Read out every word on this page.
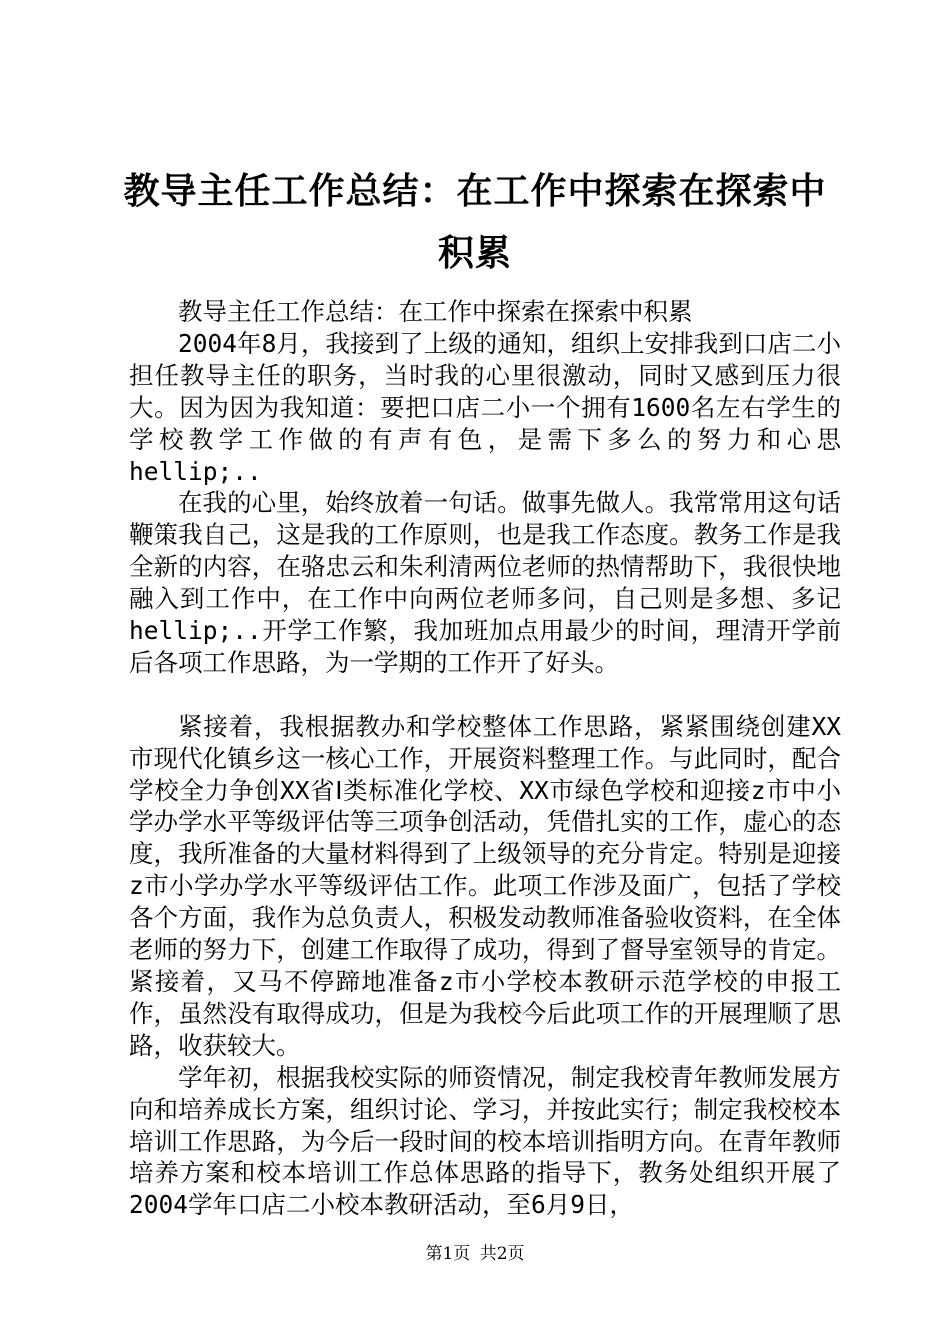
教导主任工作总结：在工作中探索在探索中积累

教导主任工作总结：在工作中探索在探索中积累

2004年8月，我接到了上级的通知，组织上安排我到口店二小担任教导主任的职务，当时我的心里很激动，同时又感到压力很大。因为因为我知道：要把口店二小一个拥有1600名左右学生的学校教学工作做的有声有色，是需下多么的努力和心思hellip;..

在我的心里，始终放着一句话。做事先做人。我常常用这句话鞭策我自己，这是我的工作原则，也是我工作态度。教务工作是我全新的内容，在骆忠云和朱利清两位老师的热情帮助下，我很快地融入到工作中，在工作中向两位老师多问，自己则是多想、多记hellip;..开学工作繁，我加班加点用最少的时间，理清开学前后各项工作思路，为一学期的工作开了好头。

紧接着，我根据教办和学校整体工作思路，紧紧围绕创建XX市现代化镇乡这一核心工作，开展资料整理工作。与此同时，配合学校全力争创XX省Ⅰ类标准化学校、XX市绿色学校和迎接z市中小学办学水平等级评估等三项争创活动，凭借扎实的工作，虚心的态度，我所准备的大量材料得到了上级领导的充分肯定。特别是迎接z市小学办学水平等级评估工作。此项工作涉及面广，包括了学校各个方面，我作为总负责人，积极发动教师准备验收资料，在全体老师的努力下，创建工作取得了成功，得到了督导室领导的肯定。紧接着，又马不停蹄地准备z市小学校本教研示范学校的申报工作，虽然没有取得成功，但是为我校今后此项工作的开展理顺了思路，收获较大。

学年初，根据我校实际的师资情况，制定我校青年教师发展方向和培养成长方案，组织讨论、学习，并按此实行；制定我校校本培训工作思路，为今后一段时间的校本培训指明方向。在青年教师培养方案和校本培训工作总体思路的指导下，教务处组织开展了2004学年口店二小校本教研活动，至6月9日，

第1页 共2页
